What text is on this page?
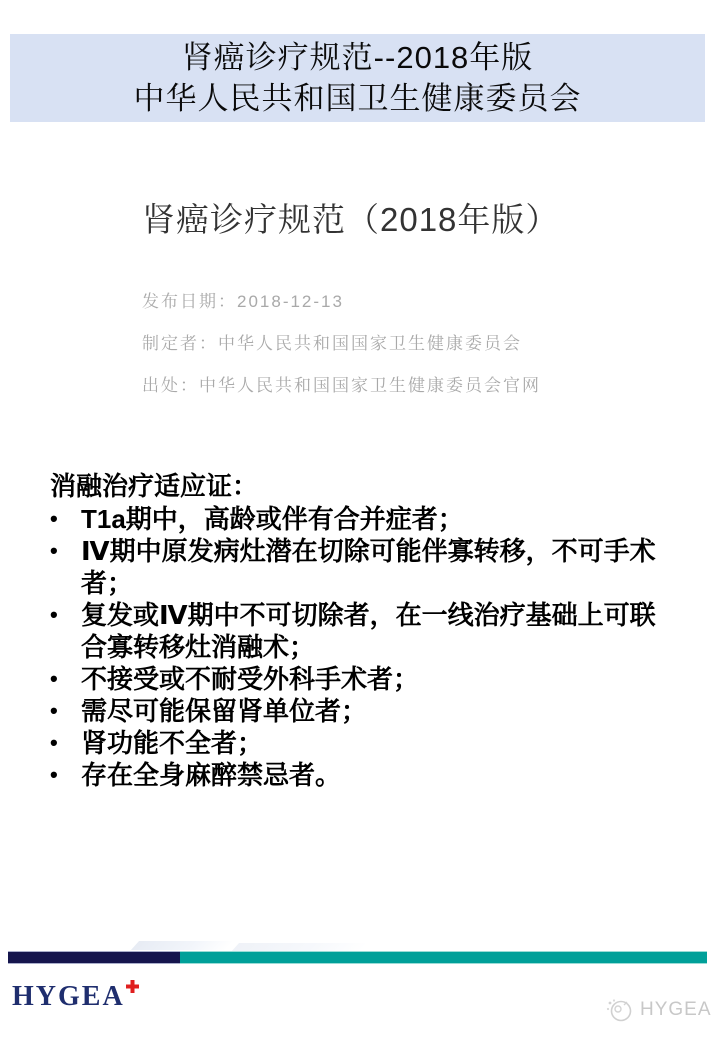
肾癌诊疗规范--2018年版
中华人民共和国卫生健康委员会
肾癌诊疗规范（2018年版）
发布日期：2018-12-13
制定者：中华人民共和国国家卫生健康委员会
出处：中华人民共和国国家卫生健康委员会官网

消融治疗适应证：

• T1a期中，高龄或伴有合并症者；
• Ⅳ期中原发病灶潜在切除可能伴寡转移，不可手术者；
• 复发或Ⅳ期中不可切除者，在一线治疗基础上可联合寡转移灶消融术；
• 不接受或不耐受外科手术者；
• 需尽可能保留肾单位者；
• 肾功能不全者；
• 存在全身麻醉禁忌者。
HYGEA	HYGEA
